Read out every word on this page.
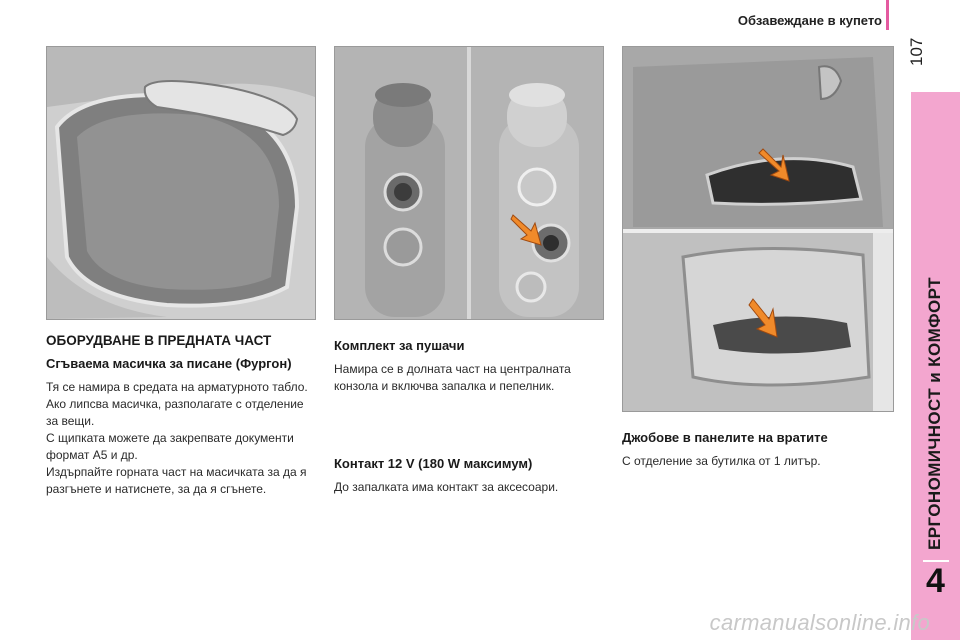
Обзавеждане в купето
107
ЕРГОНОМИЧНОСТ и КОМФОРТ
4
ОБОРУДВАНЕ В ПРЕДНАТА ЧАСТ
Сгъваема масичка за писане (Фургон)

Тя се намира в средата на арматурното табло. Ако липсва масичка, разполагате с отделение за вещи.

С щипката можете да закрепвате документи формат А5 и др.

Издърпайте горната част на масичката за да я разгънете и натиснете, за да я сгънете.

Комплект за пушачи

Намира се в долната част на централната конзола и включва запалка и пепелник.

Контакт 12 V (180 W максимум)

До запалката има контакт за аксесоари.

Джобове в панелите на вратите

С отделение за бутилка от 1 литър.

carmanualsonline.info
